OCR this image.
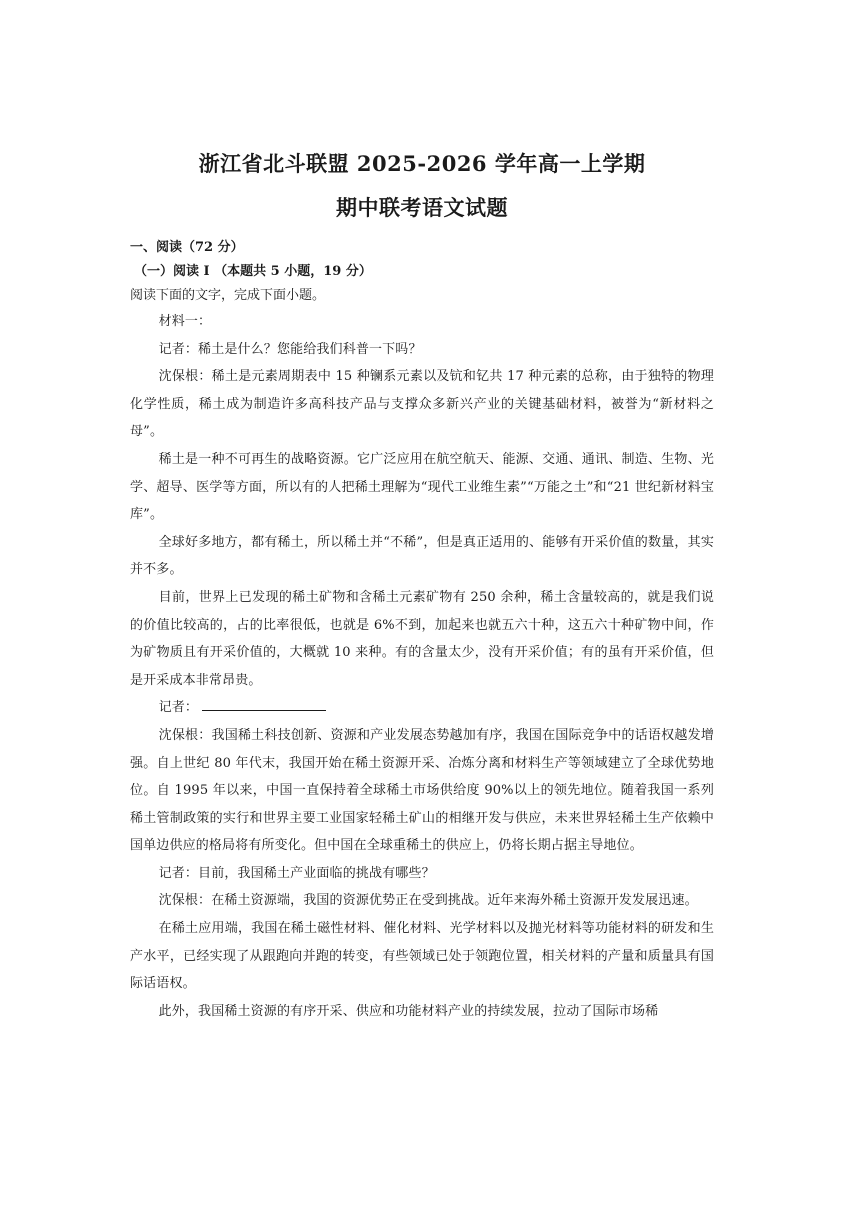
浙江省北斗联盟 2025-2026 学年高一上学期
期中联考语文试题
一、阅读（72 分）
（一）阅读 I （本题共 5 小题，19 分）
阅读下面的文字，完成下面小题。

材料一：

记者：稀土是什么？您能给我们科普一下吗？

沈保根：稀土是元素周期表中 15 种镧系元素以及钪和钇共 17 种元素的总称，由于独特的物理化学性质，稀土成为制造许多高科技产品与支撑众多新兴产业的关键基础材料，被誉为“新材料之母”。

稀土是一种不可再生的战略资源。它广泛应用在航空航天、能源、交通、通讯、制造、生物、光学、超导、医学等方面，所以有的人把稀土理解为“现代工业维生素”“万能之土”和“21 世纪新材料宝库”。

全球好多地方，都有稀土，所以稀土并“不稀”，但是真正适用的、能够有开采价值的数量，其实并不多。

目前，世界上已发现的稀土矿物和含稀土元素矿物有 250 余种，稀土含量较高的，就是我们说的价值比较高的，占的比率很低，也就是 6%不到，加起来也就五六十种，这五六十种矿物中间，作为矿物质且有开采价值的，大概就 10 来种。有的含量太少，没有开采价值；有的虽有开采价值，但是开采成本非常昂贵。

记者：

沈保根：我国稀土科技创新、资源和产业发展态势越加有序，我国在国际竞争中的话语权越发增强。自上世纪 80 年代末，我国开始在稀土资源开采、冶炼分离和材料生产等领域建立了全球优势地位。自 1995 年以来，中国一直保持着全球稀土市场供给度 90%以上的领先地位。随着我国一系列稀土管制政策的实行和世界主要工业国家轻稀土矿山的相继开发与供应，未来世界轻稀土生产依赖中国单边供应的格局将有所变化。但中国在全球重稀土的供应上，仍将长期占据主导地位。

记者：目前，我国稀土产业面临的挑战有哪些？

沈保根：在稀土资源端，我国的资源优势正在受到挑战。近年来海外稀土资源开发发展迅速。

在稀土应用端，我国在稀土磁性材料、催化材料、光学材料以及抛光材料等功能材料的研发和生产水平，已经实现了从跟跑向并跑的转变，有些领域已处于领跑位置，相关材料的产量和质量具有国际话语权。

此外，我国稀土资源的有序开采、供应和功能材料产业的持续发展，拉动了国际市场稀
